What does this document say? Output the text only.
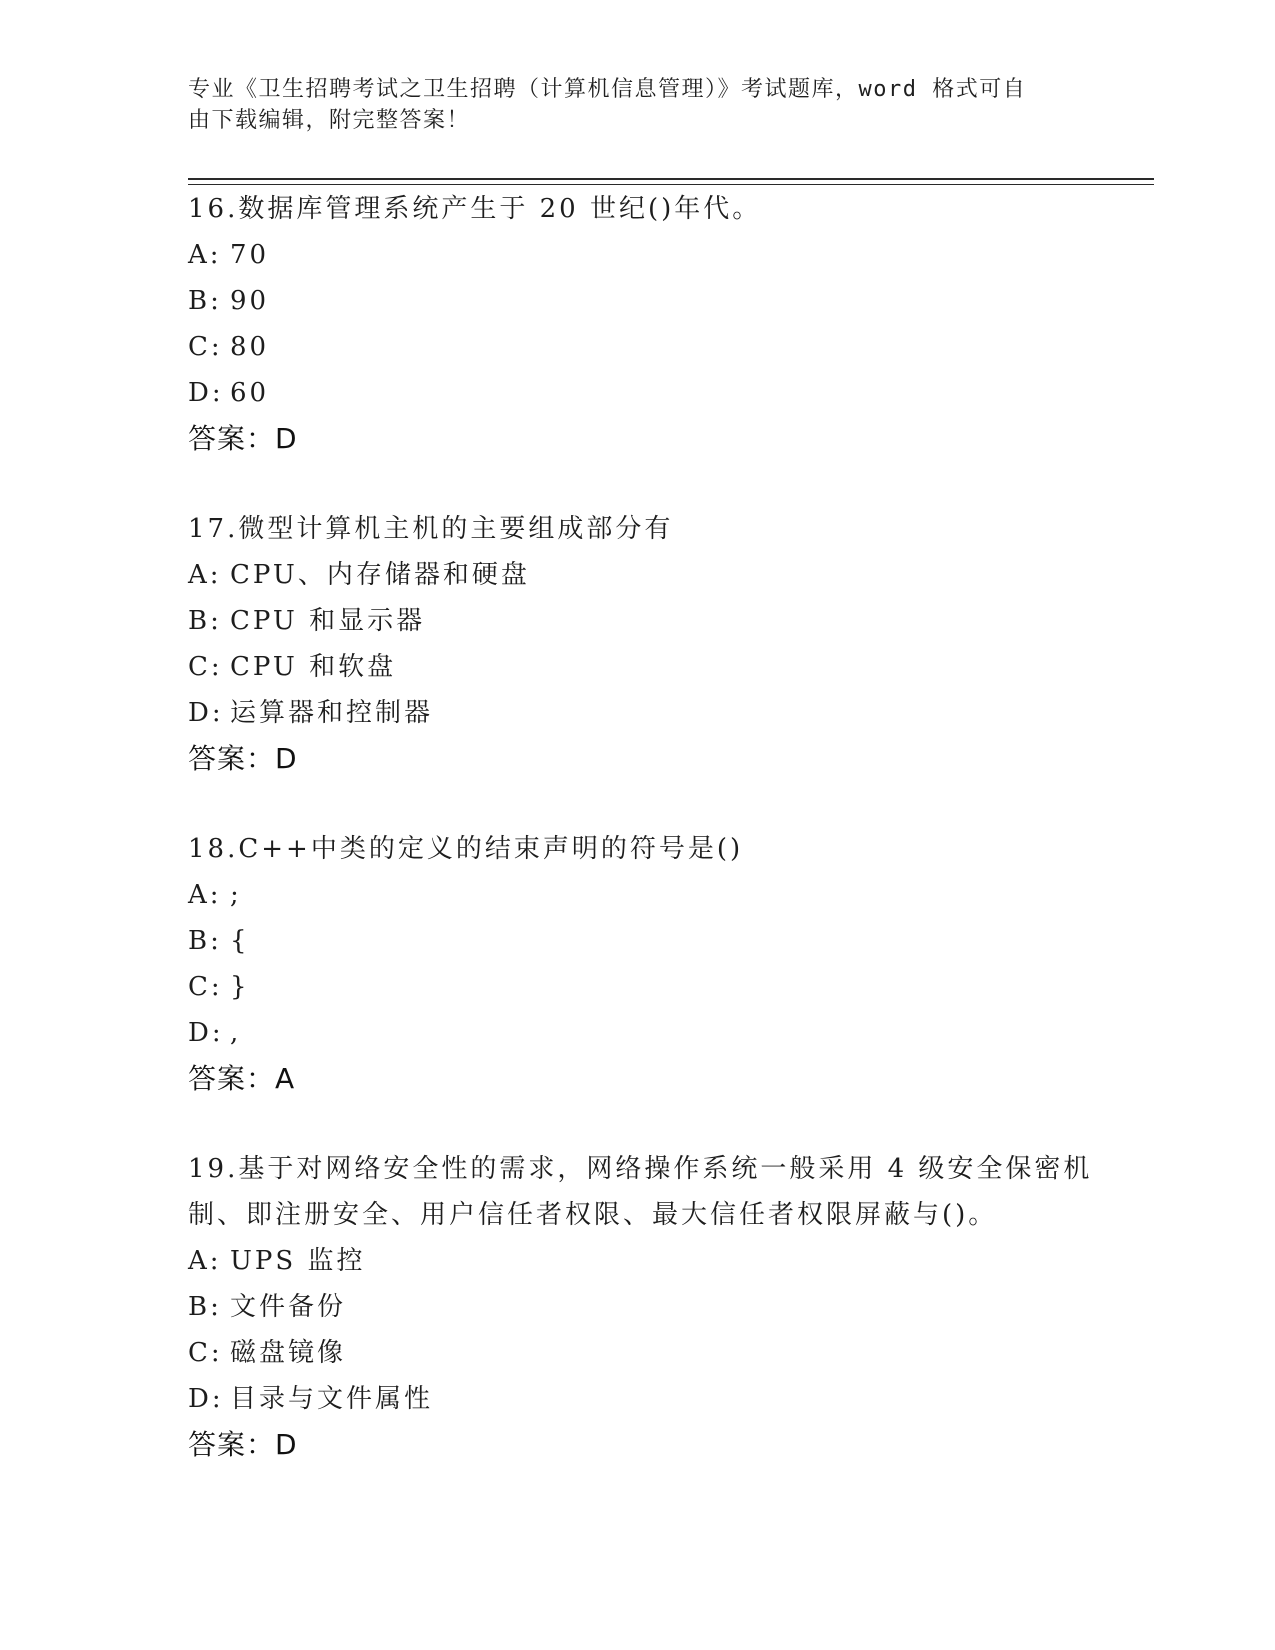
专业《卫生招聘考试之卫生招聘（计算机信息管理）》考试题库，word 格式可自
由下载编辑，附完整答案！
16.数据库管理系统产生于 20 世纪()年代。
A: 70
B: 90
C: 80
D: 60
答案：D
17.微型计算机主机的主要组成部分有
A: CPU、内存储器和硬盘
B: CPU 和显示器
C: CPU 和软盘
D: 运算器和控制器
答案：D
18.C++中类的定义的结束声明的符号是()
A: ;
B: {
C: }
D: ,
答案：A
19.基于对网络安全性的需求，网络操作系统一般采用 4 级安全保密机
制、即注册安全、用户信任者权限、最大信任者权限屏蔽与()。
A: UPS 监控
B: 文件备份
C: 磁盘镜像
D: 目录与文件属性
答案：D
